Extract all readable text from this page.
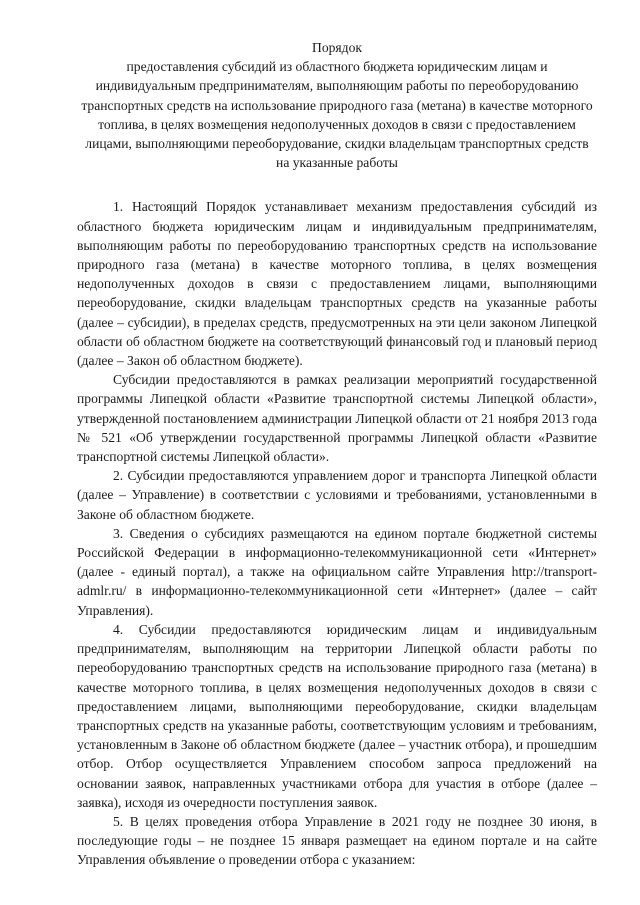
Порядок

предоставления субсидий из областного бюджета юридическим лицам и индивидуальным предпринимателям, выполняющим работы по переоборудованию транспортных средств на использование природного газа (метана) в качестве моторного топлива, в целях возмещения недополученных доходов в связи с предоставлением лицами, выполняющими переоборудование, скидки владельцам транспортных средств на указанные работы

1. Настоящий Порядок устанавливает механизм предоставления субсидий из областного бюджета юридическим лицам и индивидуальным предпринимателям, выполняющим работы по переоборудованию транспортных средств на использование природного газа (метана) в качестве моторного топлива, в целях возмещения недополученных доходов в связи с предоставлением лицами, выполняющими переоборудование, скидки владельцам транспортных средств на указанные работы (далее – субсидии), в пределах средств, предусмотренных на эти цели законом Липецкой области об областном бюджете на соответствующий финансовый год и плановый период (далее – Закон об областном бюджете).

Субсидии предоставляются в рамках реализации мероприятий государственной программы Липецкой области «Развитие транспортной системы Липецкой области», утвержденной постановлением администрации Липецкой области от 21 ноября 2013 года № 521 «Об утверждении государственной программы Липецкой области «Развитие транспортной системы Липецкой области».

2. Субсидии предоставляются управлением дорог и транспорта Липецкой области (далее – Управление) в соответствии с условиями и требованиями, установленными в Законе об областном бюджете.

3. Сведения о субсидиях размещаются на едином портале бюджетной системы Российской Федерации в информационно-телекоммуникационной сети «Интернет» (далее - единый портал), а также на официальном сайте Управления http://transport-admlr.ru/ в информационно-телекоммуникационной сети «Интернет» (далее – сайт Управления).

4. Субсидии предоставляются юридическим лицам и индивидуальным предпринимателям, выполняющим на территории Липецкой области работы по переоборудованию транспортных средств на использование природного газа (метана) в качестве моторного топлива, в целях возмещения недополученных доходов в связи с предоставлением лицами, выполняющими переоборудование, скидки владельцам транспортных средств на указанные работы, соответствующим условиям и требованиям, установленным в Законе об областном бюджете (далее – участник отбора), и прошедшим отбор. Отбор осуществляется Управлением способом запроса предложений на основании заявок, направленных участниками отбора для участия в отборе (далее – заявка), исходя из очередности поступления заявок.

5. В целях проведения отбора Управление в 2021 году не позднее 30 июня, в последующие годы – не позднее 15 января размещает на едином портале и на сайте Управления объявление о проведении отбора с указанием:
